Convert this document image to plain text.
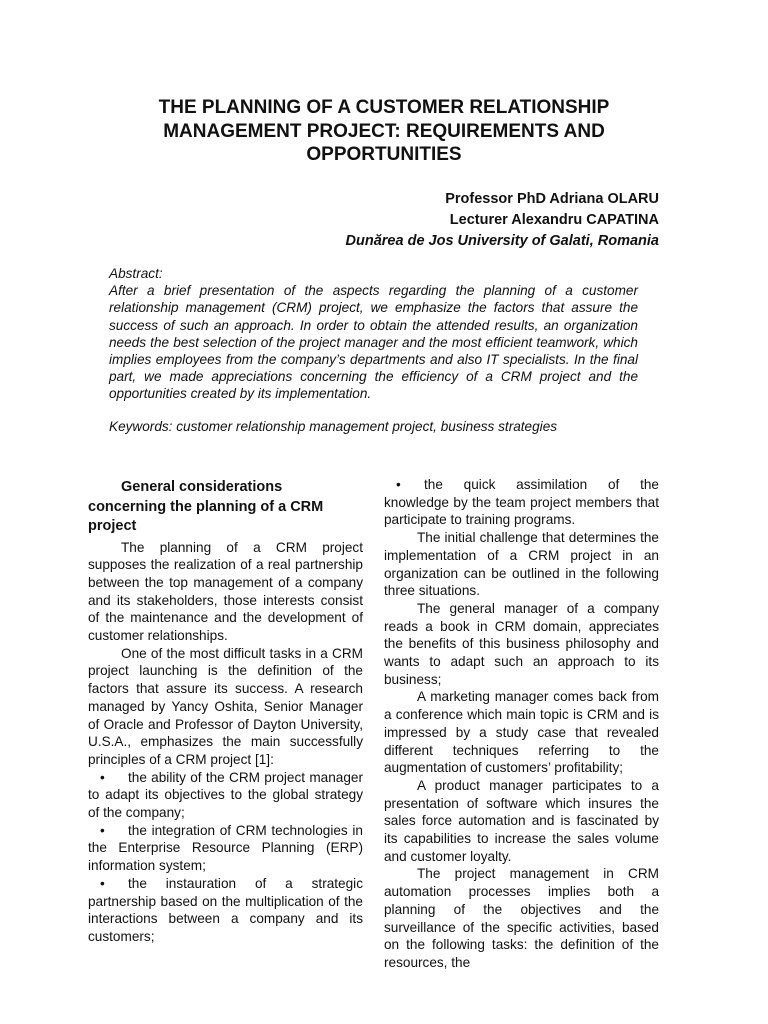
THE PLANNING OF A CUSTOMER RELATIONSHIP
MANAGEMENT PROJECT: REQUIREMENTS AND
OPPORTUNITIES
Professor PhD Adriana OLARU
Lecturer Alexandru CAPATINA
Dunărea de Jos University of Galati, Romania
Abstract:
After a brief presentation of the aspects regarding the planning of a customer relationship management (CRM) project, we emphasize the factors that assure the success of such an approach. In order to obtain the attended results, an organization needs the best selection of the project manager and the most efficient teamwork, which implies employees from the company’s departments and also IT specialists. In the final part, we made appreciations concerning the efficiency of a CRM project and the opportunities created by its implementation.
Keywords: customer relationship management project, business strategies
General considerations
concerning the planning of a CRM project

The planning of a CRM project supposes the realization of a real partnership between the top management of a company and its stakeholders, those interests consist of the maintenance and the development of customer relationships.

One of the most difficult tasks in a CRM project launching is the definition of the factors that assure its success. A research managed by Yancy Oshita, Senior Manager of Oracle and Professor of Dayton University, U.S.A., emphasizes the main successfully principles of a CRM project [1]:

• the ability of the CRM project manager to adapt its objectives to the global strategy of the company;
• the integration of CRM technologies in the Enterprise Resource Planning (ERP) information system;
• the instauration of a strategic partnership based on the multiplication of the interactions between a company and its customers;
• the quick assimilation of the knowledge by the team project members that participate to training programs.

The initial challenge that determines the implementation of a CRM project in an organization can be outlined in the following three situations.

The general manager of a company reads a book in CRM domain, appreciates the benefits of this business philosophy and wants to adapt such an approach to its business;

A marketing manager comes back from a conference which main topic is CRM and is impressed by a study case that revealed different techniques referring to the augmentation of customers’ profitability;

A product manager participates to a presentation of software which insures the sales force automation and is fascinated by its capabilities to increase the sales volume and customer loyalty.

The project management in CRM automation processes implies both a planning of the objectives and the surveillance of the specific activities, based on the following tasks: the definition of the resources, the
